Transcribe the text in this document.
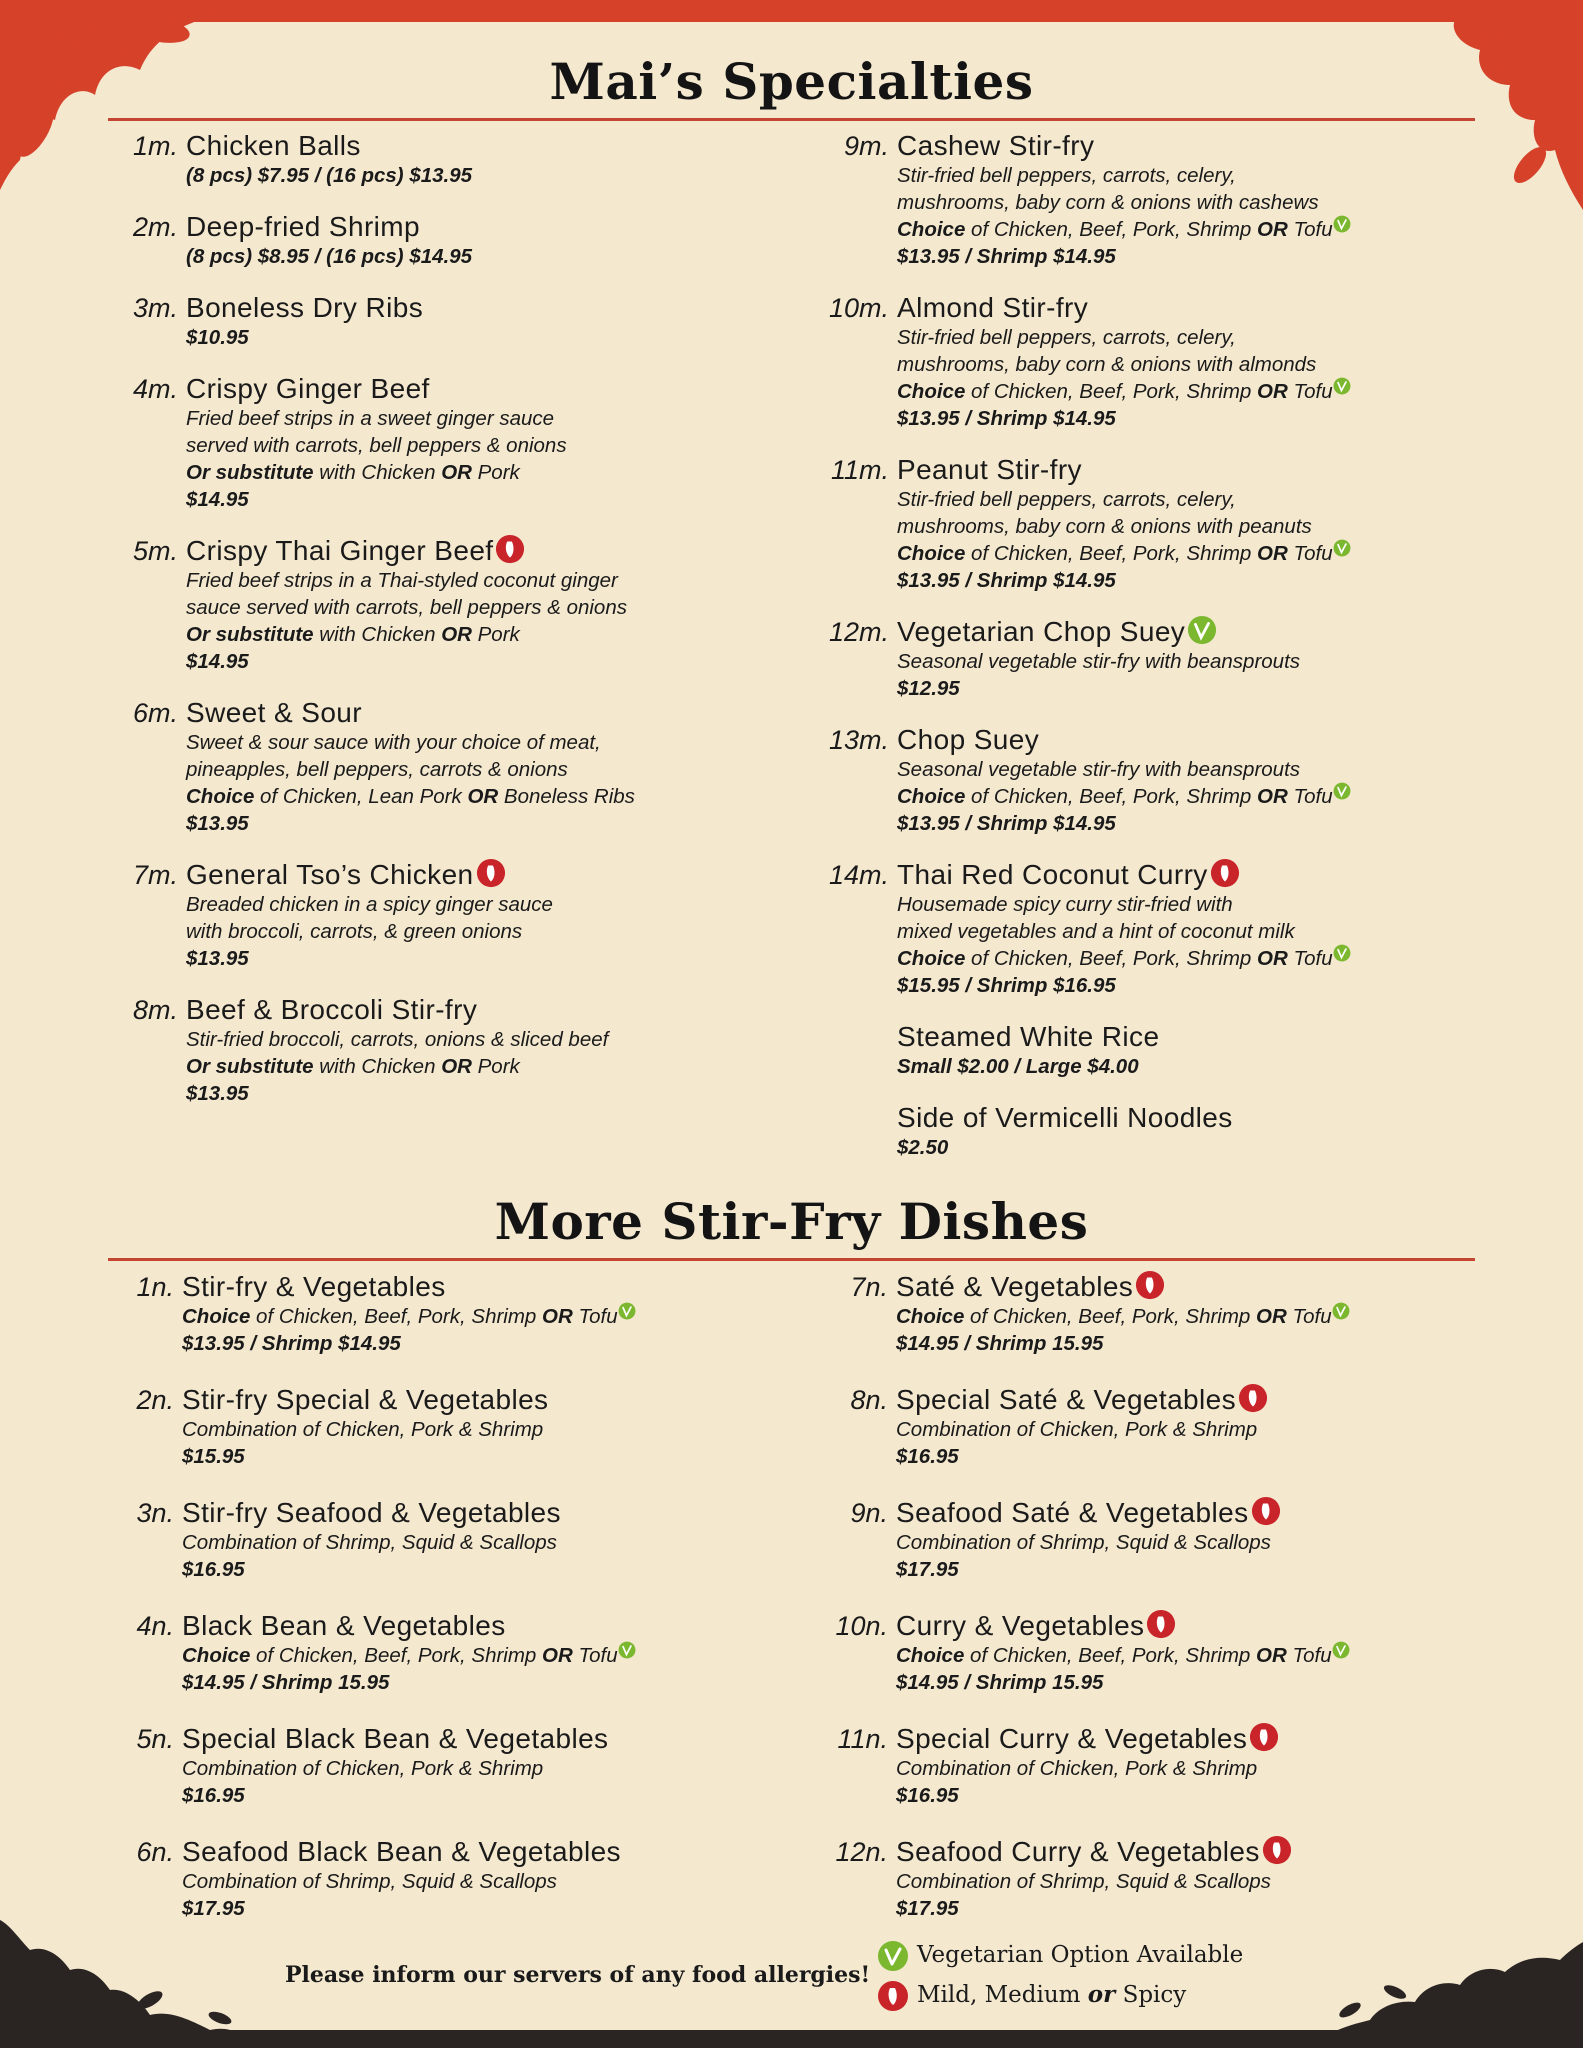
Mai’s Specialties
1m. Chicken Balls
(8 pcs) $7.95 / (16 pcs) $13.95
2m. Deep-fried Shrimp
(8 pcs) $8.95 / (16 pcs) $14.95
3m. Boneless Dry Ribs
$10.95
4m. Crispy Ginger Beef
Fried beef strips in a sweet ginger sauce
served with carrots, bell peppers & onions
Or substitute with Chicken OR Pork
$14.95
5m. Crispy Thai Ginger Beef
Fried beef strips in a Thai-styled coconut ginger
sauce served with carrots, bell peppers & onions
Or substitute with Chicken OR Pork
$14.95
6m. Sweet & Sour
Sweet & sour sauce with your choice of meat,
pineapples, bell peppers, carrots & onions
Choice of Chicken, Lean Pork OR Boneless Ribs
$13.95
7m. General Tso’s Chicken
Breaded chicken in a spicy ginger sauce
with broccoli, carrots, & green onions
$13.95
8m. Beef & Broccoli Stir-fry
Stir-fried broccoli, carrots, onions & sliced beef
Or substitute with Chicken OR Pork
$13.95
9m. Cashew Stir-fry
Stir-fried bell peppers, carrots, celery,
mushrooms, baby corn & onions with cashews
Choice of Chicken, Beef, Pork, Shrimp OR Tofu
$13.95 / Shrimp $14.95
10m. Almond Stir-fry
Stir-fried bell peppers, carrots, celery,
mushrooms, baby corn & onions with almonds
Choice of Chicken, Beef, Pork, Shrimp OR Tofu
$13.95 / Shrimp $14.95
11m. Peanut Stir-fry
Stir-fried bell peppers, carrots, celery,
mushrooms, baby corn & onions with peanuts
Choice of Chicken, Beef, Pork, Shrimp OR Tofu
$13.95 / Shrimp $14.95
12m. Vegetarian Chop Suey
Seasonal vegetable stir-fry with beansprouts
$12.95
13m. Chop Suey
Seasonal vegetable stir-fry with beansprouts
Choice of Chicken, Beef, Pork, Shrimp OR Tofu
$13.95 / Shrimp $14.95
14m. Thai Red Coconut Curry
Housemade spicy curry stir-fried with
mixed vegetables and a hint of coconut milk
Choice of Chicken, Beef, Pork, Shrimp OR Tofu
$15.95 / Shrimp $16.95
Steamed White Rice
Small $2.00 / Large $4.00
Side of Vermicelli Noodles
$2.50
More Stir-Fry Dishes
1n. Stir-fry & Vegetables
Choice of Chicken, Beef, Pork, Shrimp OR Tofu
$13.95 / Shrimp $14.95
2n. Stir-fry Special & Vegetables
Combination of Chicken, Pork & Shrimp
$15.95
3n. Stir-fry Seafood & Vegetables
Combination of Shrimp, Squid & Scallops
$16.95
4n. Black Bean & Vegetables
Choice of Chicken, Beef, Pork, Shrimp OR Tofu
$14.95 / Shrimp 15.95
5n. Special Black Bean & Vegetables
Combination of Chicken, Pork & Shrimp
$16.95
6n. Seafood Black Bean & Vegetables
Combination of Shrimp, Squid & Scallops
$17.95
7n. Saté & Vegetables
Choice of Chicken, Beef, Pork, Shrimp OR Tofu
$14.95 / Shrimp 15.95
8n. Special Saté & Vegetables
Combination of Chicken, Pork & Shrimp
$16.95
9n. Seafood Saté & Vegetables
Combination of Shrimp, Squid & Scallops
$17.95
10n. Curry & Vegetables
Choice of Chicken, Beef, Pork, Shrimp OR Tofu
$14.95 / Shrimp 15.95
11n. Special Curry & Vegetables
Combination of Chicken, Pork & Shrimp
$16.95
12n. Seafood Curry & Vegetables
Combination of Shrimp, Squid & Scallops
$17.95
Please inform our servers of any food allergies!
Vegetarian Option Available
Mild, Medium or Spicy
